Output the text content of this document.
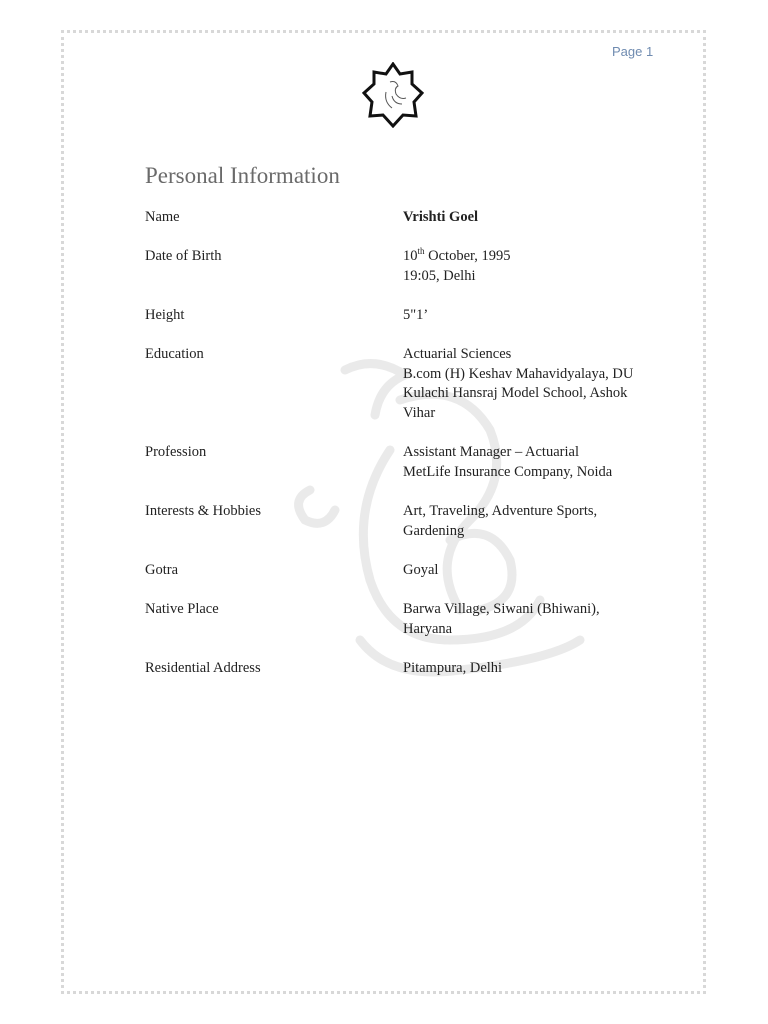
Page 1
Personal Information
Name	Vrishti Goel
Date of Birth	10th October, 1995
19:05, Delhi
Height	5"1’
Education	Actuarial Sciences
B.com (H) Keshav Mahavidyalaya, DU
Kulachi Hansraj Model School, Ashok
Vihar
Profession	Assistant Manager – Actuarial
MetLife Insurance Company, Noida
Interests & Hobbies	Art, Traveling, Adventure Sports,
Gardening
Gotra	Goyal
Native Place	Barwa Village, Siwani (Bhiwani),
Haryana
Residential Address	Pitampura, Delhi
